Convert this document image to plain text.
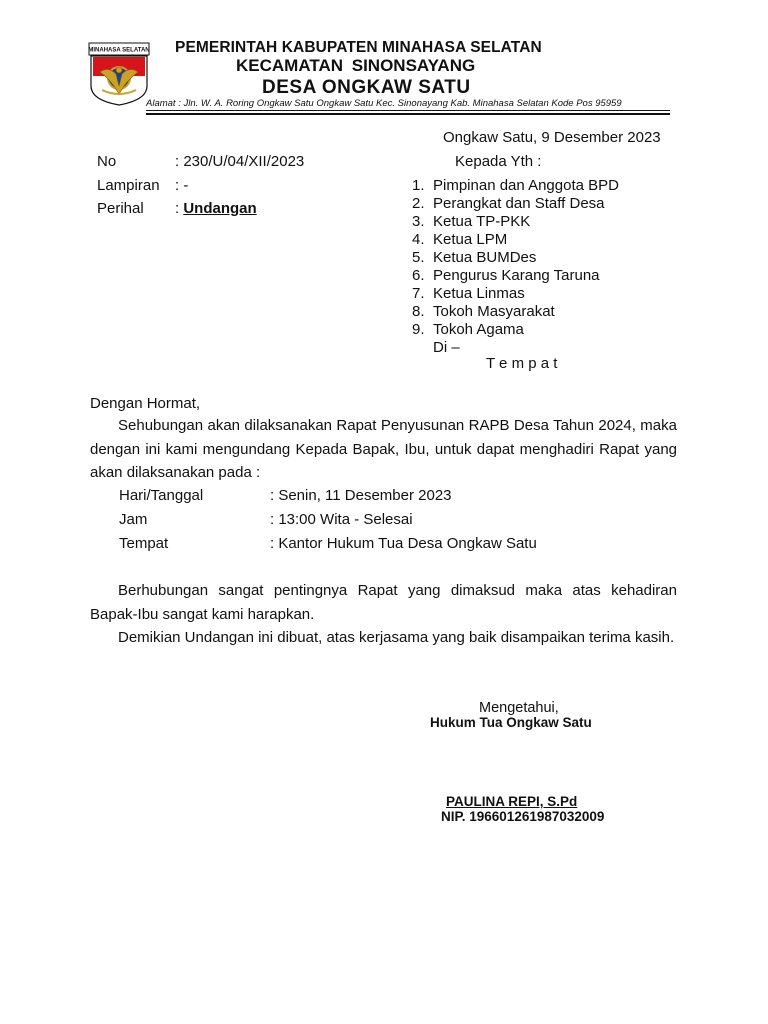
MINAHASA SELATAN PEMERINTAH KABUPATEN MINAHASA SELATAN
KECAMATAN SINONSAYANG
DESA ONGKAW SATU
Alamat : Jln. W. A. Roring Ongkaw Satu Ongkaw Satu Kec. Sinonayang Kab. Minahasa Selatan Kode Pos 95959
Ongkaw Satu, 9 Desember 2023
No	: 230/U/04/XII/2023
Lampiran : -
Perihal : Undangan
Kepada Yth :
1. Pimpinan dan Anggota BPD
2. Perangkat dan Staff Desa
3. Ketua TP-PKK
4. Ketua LPM
5. Ketua BUMDes
6. Pengurus Karang Taruna
7. Ketua Linmas
8. Tokoh Masyarakat
9. Tokoh Agama
Di –
T e m p a t
Dengan Hormat,

Sehubungan akan dilaksanakan Rapat Penyusunan RAPB Desa Tahun 2024, maka dengan ini kami mengundang Kepada Bapak, Ibu, untuk dapat menghadiri Rapat yang akan dilaksanakan pada :

Hari/Tanggal	: Senin, 11 Desember 2023
Jam	: 13:00 Wita - Selesai
Tempat	: Kantor Hukum Tua Desa Ongkaw Satu

Berhubungan sangat pentingnya Rapat yang dimaksud maka atas kehadiran Bapak-Ibu sangat kami harapkan.

Demikian Undangan ini dibuat, atas kerjasama yang baik disampaikan terima kasih.

Mengetahui,
Hukum Tua Ongkaw Satu
PAULINA REPI, S.Pd
NIP. 196601261987032009
